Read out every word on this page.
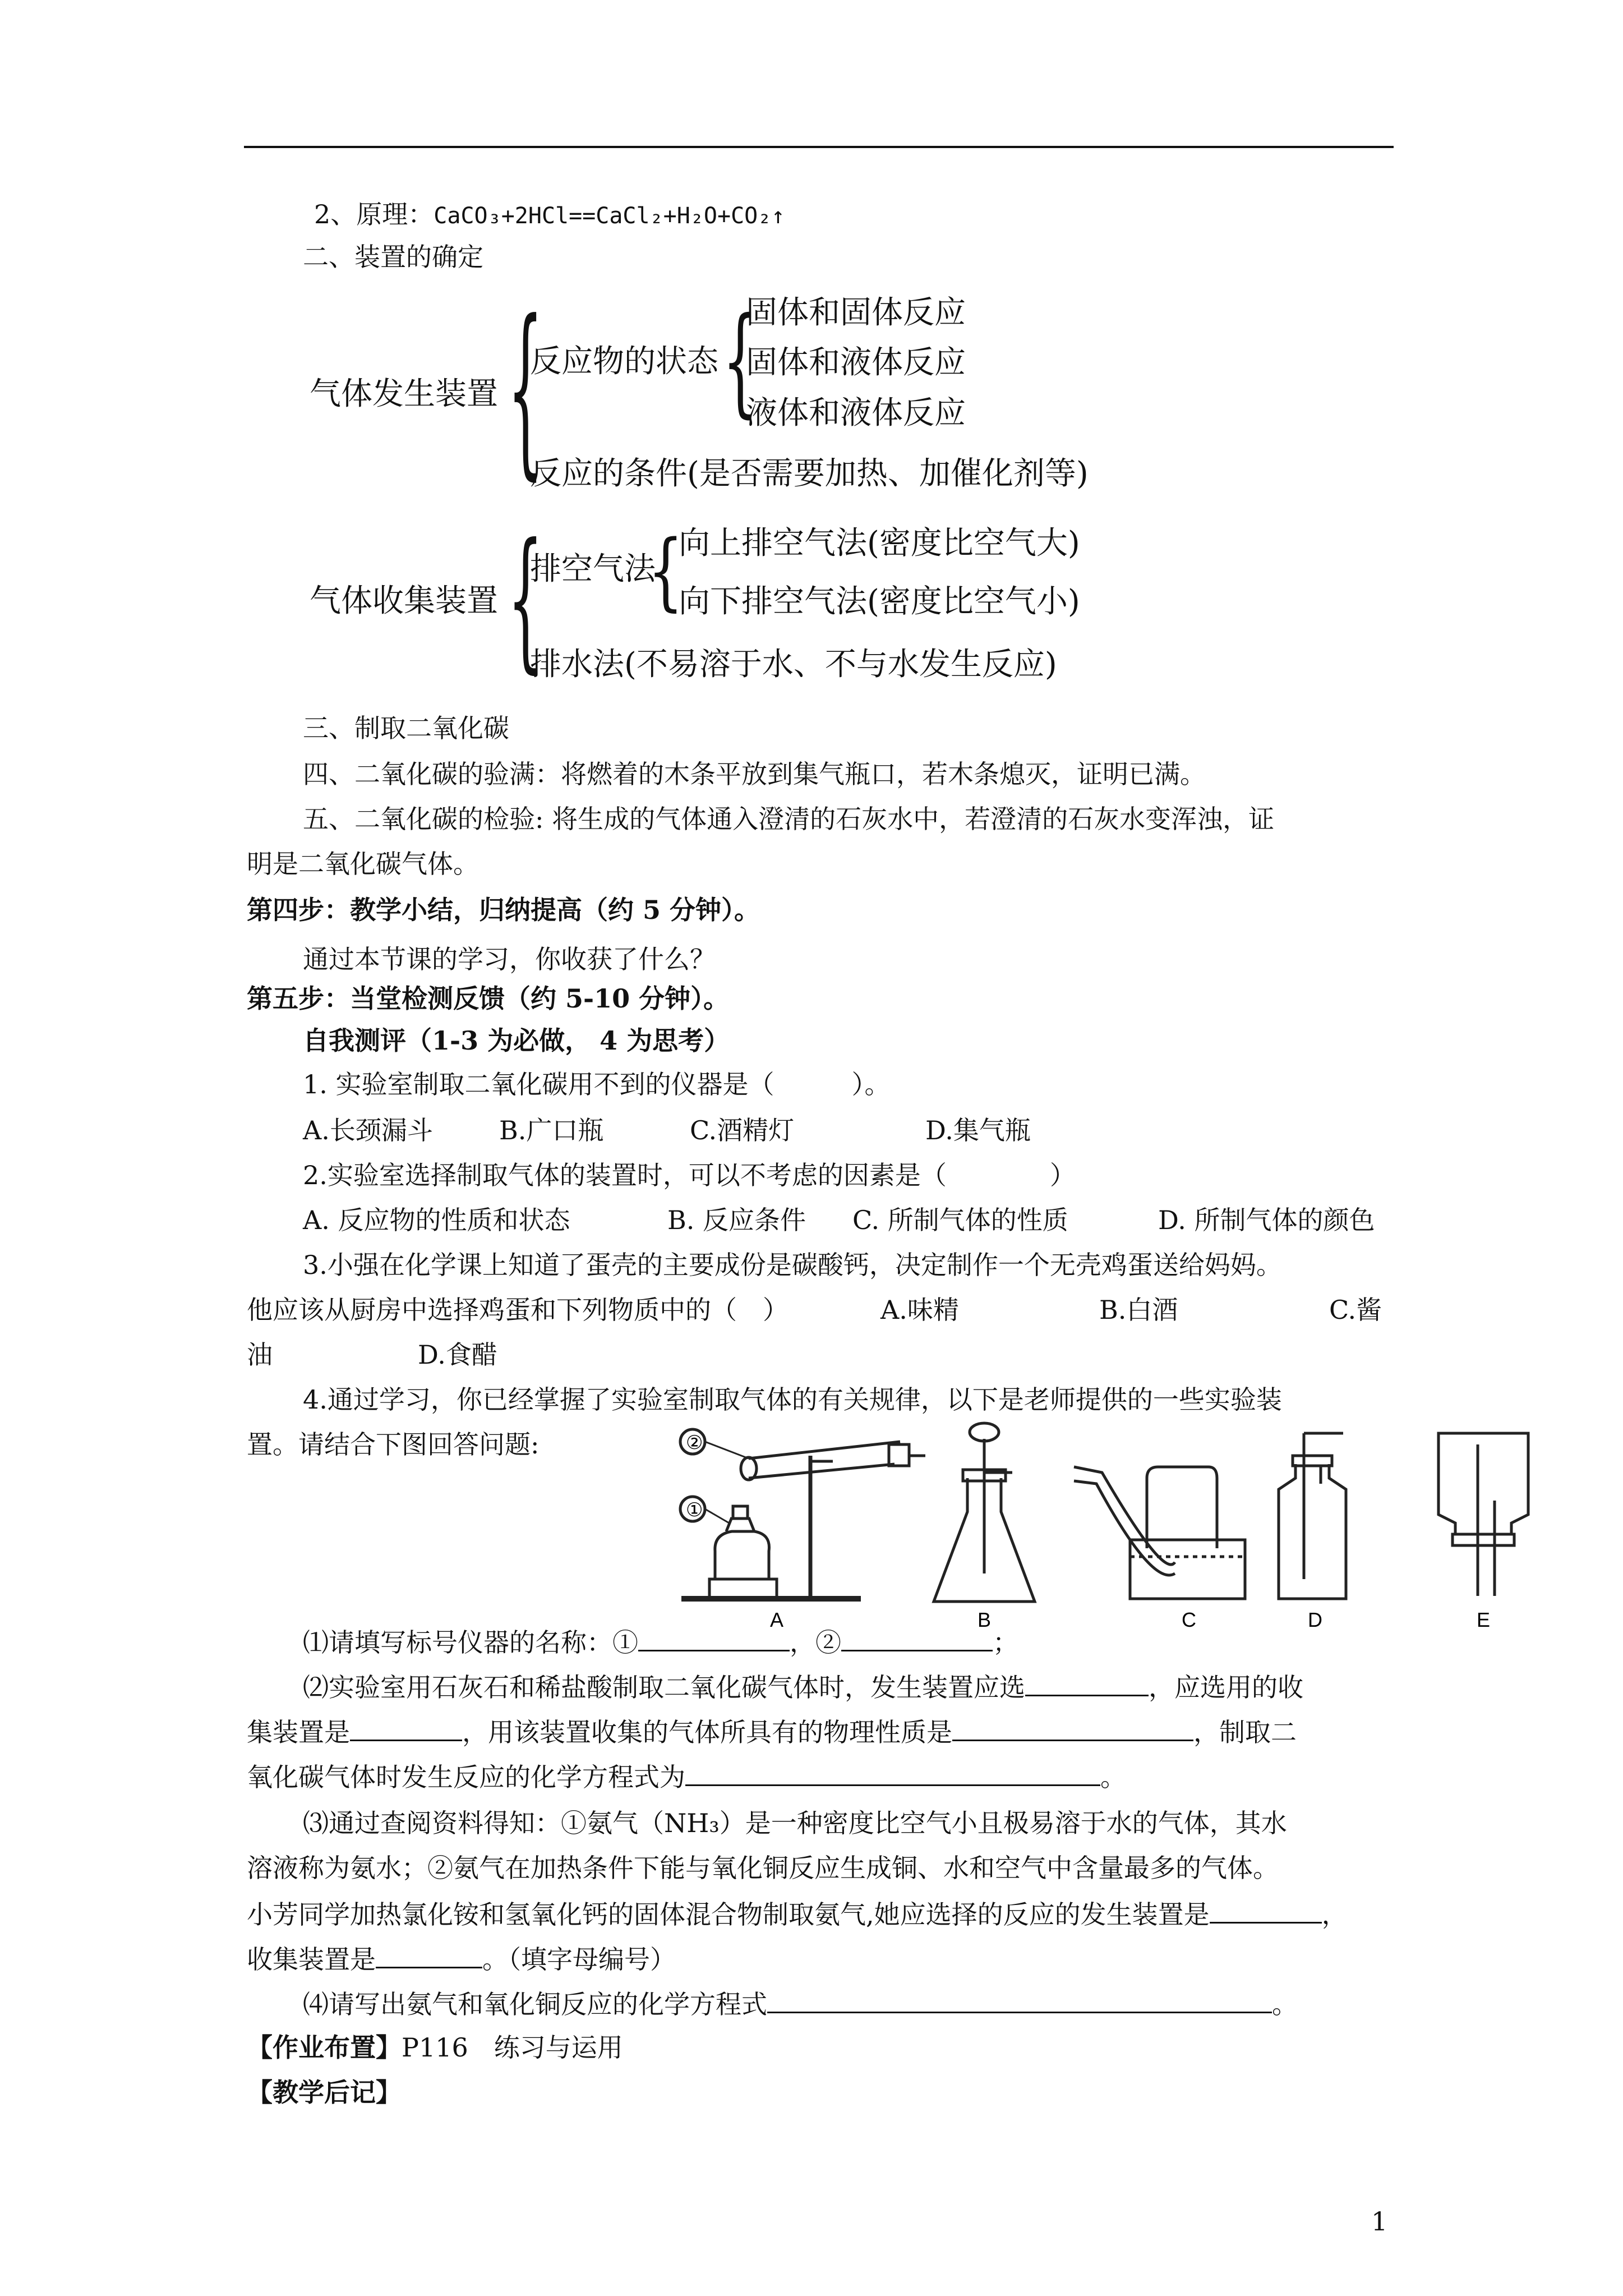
2、原理：CaCO₃+2HCl==CaCl₂+H₂O+CO₂↑
二、装置的确定
气体发生装置 {
反应物的状态 {
固体和固体反应
固体和液体反应
液体和液体反应
反应的条件(是否需要加热、加催化剂等)
气体收集装置 {
排空气法
{
向上排空气法(密度比空气大)
向下排空气法(密度比空气小)
排水法(不易溶于水、不与水发生反应)
三、制取二氧化碳
四、二氧化碳的验满：将燃着的木条平放到集气瓶口，若木条熄灭，证明已满。
五、二氧化碳的检验: 将生成的气体通入澄清的石灰水中，若澄清的石灰水变浑浊，证
明是二氧化碳气体。
第四步：教学小结，归纳提高（约 5 分钟）。
通过本节课的学习，你收获了什么？
第五步：当堂检测反馈（约 5-10 分钟）。
自我测评（1-3 为必做， 4 为思考）
1. 实验室制取二氧化碳用不到的仪器是（　　　）。
A.长颈漏斗	B.广口瓶	C.酒精灯	D.集气瓶
2.实验室选择制取气体的装置时，可以不考虑的因素是（　　　　）
A. 反应物的性质和状态	B. 反应条件 C. 所制气体的性质	D. 所制气体的颜色
3.小强在化学课上知道了蛋壳的主要成份是碳酸钙，决定制作一个无壳鸡蛋送给妈妈。
他应该从厨房中选择鸡蛋和下列物质中的（　）	A.味精	B.白酒	C.酱
油	D.食醋
4.通过学习，你已经掌握了实验室制取气体的有关规律，以下是老师提供的一些实验装
置。请结合下图回答问题:	②
①
A	B	C	D	E
⑴请填写标号仪器的名称：①	，②	；
⑵实验室用石灰石和稀盐酸制取二氧化碳气体时，发生装置应选	，应选用的收
集装置是	，用该装置收集的气体所具有的物理性质是	，制取二
氧化碳气体时发生反应的化学方程式为	。
⑶通过查阅资料得知：①氨气（NH₃）是一种密度比空气小且极易溶于水的气体，其水
溶液称为氨水；②氨气在加热条件下能与氧化铜反应生成铜、水和空气中含量最多的气体。
小芳同学加热氯化铵和氢氧化钙的固体混合物制取氨气,她应选择的反应的发生装置是	，
收集装置是	。（填字母编号）
⑷请写出氨气和氧化铜反应的化学方程式	。
【作业布置】P116　练习与运用
【教学后记】
1
